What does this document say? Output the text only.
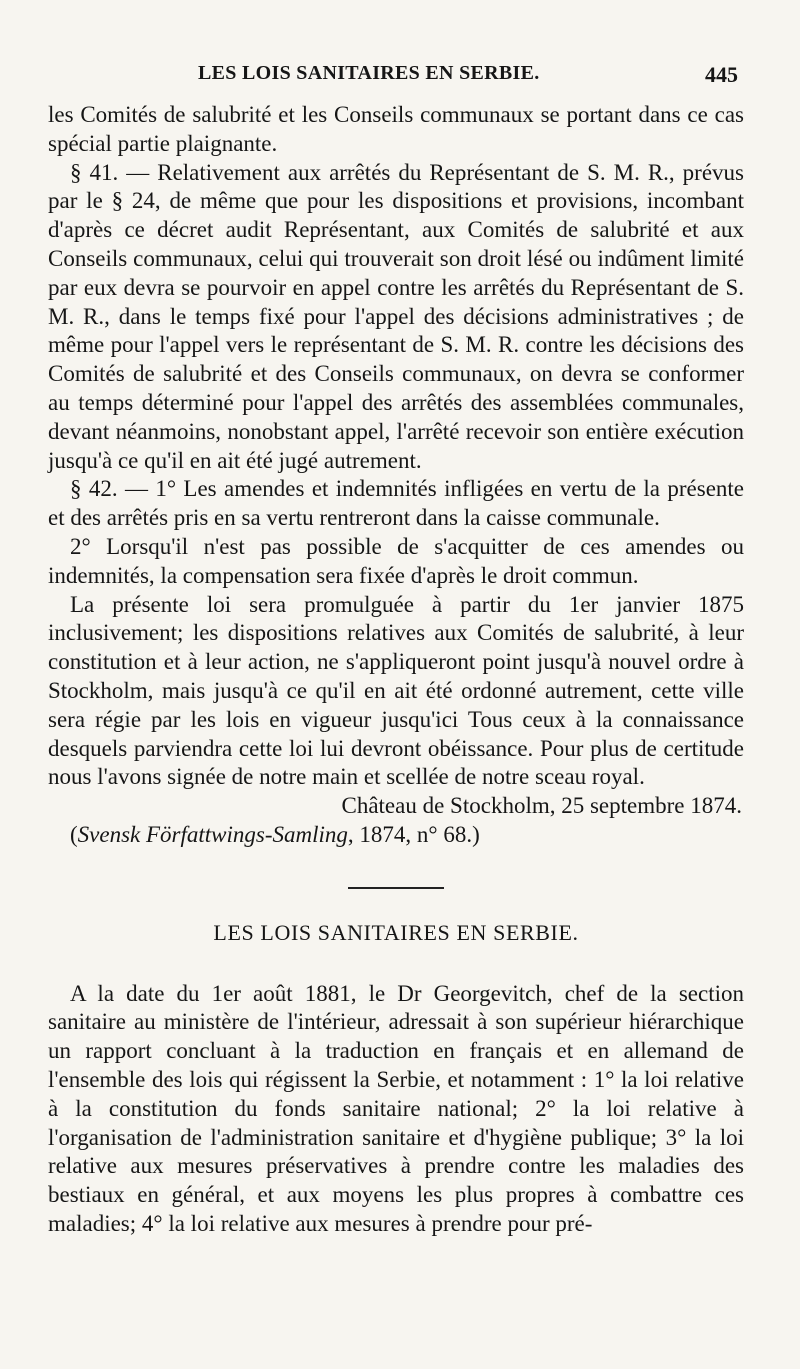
LES LOIS SANITAIRES EN SERBIE.	445

les Comités de salubrité et les Conseils communaux se portant dans ce cas spécial partie plaignante.

§ 41. — Relativement aux arrêtés du Représentant de S. M. R., prévus par le § 24, de même que pour les dispositions et provisions, incombant d'après ce décret audit Représentant, aux Comités de salubrité et aux Conseils communaux, celui qui trouverait son droit lésé ou indûment limité par eux devra se pourvoir en appel contre les arrêtés du Représentant de S. M. R., dans le temps fixé pour l'appel des décisions administratives ; de même pour l'appel vers le représentant de S. M. R. contre les décisions des Comités de salubrité et des Conseils communaux, on devra se conformer au temps déterminé pour l'appel des arrêtés des assemblées communales, devant néanmoins, nonobstant appel, l'arrêté recevoir son entière exécution jusqu'à ce qu'il en ait été jugé autrement.

§ 42. — 1° Les amendes et indemnités infligées en vertu de la présente et des arrêtés pris en sa vertu rentreront dans la caisse communale.

2° Lorsqu'il n'est pas possible de s'acquitter de ces amendes ou indemnités, la compensation sera fixée d'après le droit commun.

La présente loi sera promulguée à partir du 1er janvier 1875 inclusivement; les dispositions relatives aux Comités de salubrité, à leur constitution et à leur action, ne s'appliqueront point jusqu'à nouvel ordre à Stockholm, mais jusqu'à ce qu'il en ait été ordonné autrement, cette ville sera régie par les lois en vigueur jusqu'ici Tous ceux à la connaissance desquels parviendra cette loi lui devront obéissance. Pour plus de certitude nous l'avons signée de notre main et scellée de notre sceau royal.

Château de Stockholm, 25 septembre 1874.

(Svensk Författwings-Samling, 1874, n° 68.)

LES LOIS SANITAIRES EN SERBIE.

A la date du 1er août 1881, le Dr Georgevitch, chef de la section sanitaire au ministère de l'intérieur, adressait à son supérieur hiérarchique un rapport concluant à la traduction en français et en allemand de l'ensemble des lois qui régissent la Serbie, et notamment : 1° la loi relative à la constitution du fonds sanitaire national; 2° la loi relative à l'organisation de l'administration sanitaire et d'hygiène publique; 3° la loi relative aux mesures préservatives à prendre contre les maladies des bestiaux en général, et aux moyens les plus propres à combattre ces maladies; 4° la loi relative aux mesures à prendre pour pré-
